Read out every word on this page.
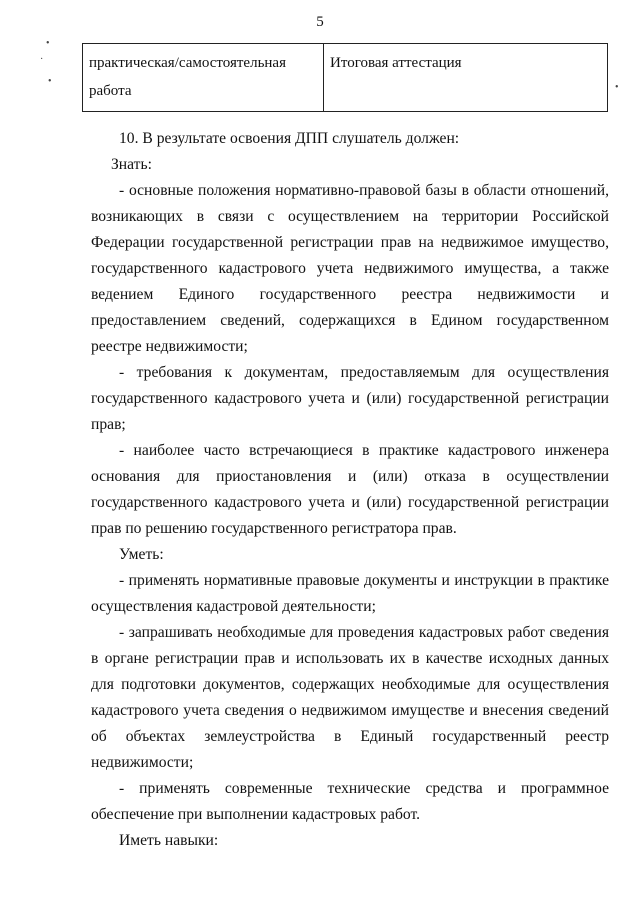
5
•
·
•
•
практическая/самостоятельная работа	Итоговая аттестация

10. В результате освоения ДПП слушатель должен:

Знать:

- основные положения нормативно-правовой базы в области отношений, возникающих в связи с осуществлением на территории Российской Федерации государственной регистрации прав на недвижимое имущество, государственного кадастрового учета недвижимого имущества, а также ведением Единого государственного реестра недвижимости и предоставлением сведений, содержащихся в Едином государственном реестре недвижимости;

- требования к документам, предоставляемым для осуществления государственного кадастрового учета и (или) государственной регистрации прав;

- наиболее часто встречающиеся в практике кадастрового инженера основания для приостановления и (или) отказа в осуществлении государственного кадастрового учета и (или) государственной регистрации прав по решению государственного регистратора прав.

Уметь:

- применять нормативные правовые документы и инструкции в практике осуществления кадастровой деятельности;

- запрашивать необходимые для проведения кадастровых работ сведения в органе регистрации прав и использовать их в качестве исходных данных для подготовки документов, содержащих необходимые для осуществления кадастрового учета сведения о недвижимом имуществе и внесения сведений об объектах землеустройства в Единый государственный реестр недвижимости;

- применять современные технические средства и программное обеспечение при выполнении кадастровых работ.

Иметь навыки:
